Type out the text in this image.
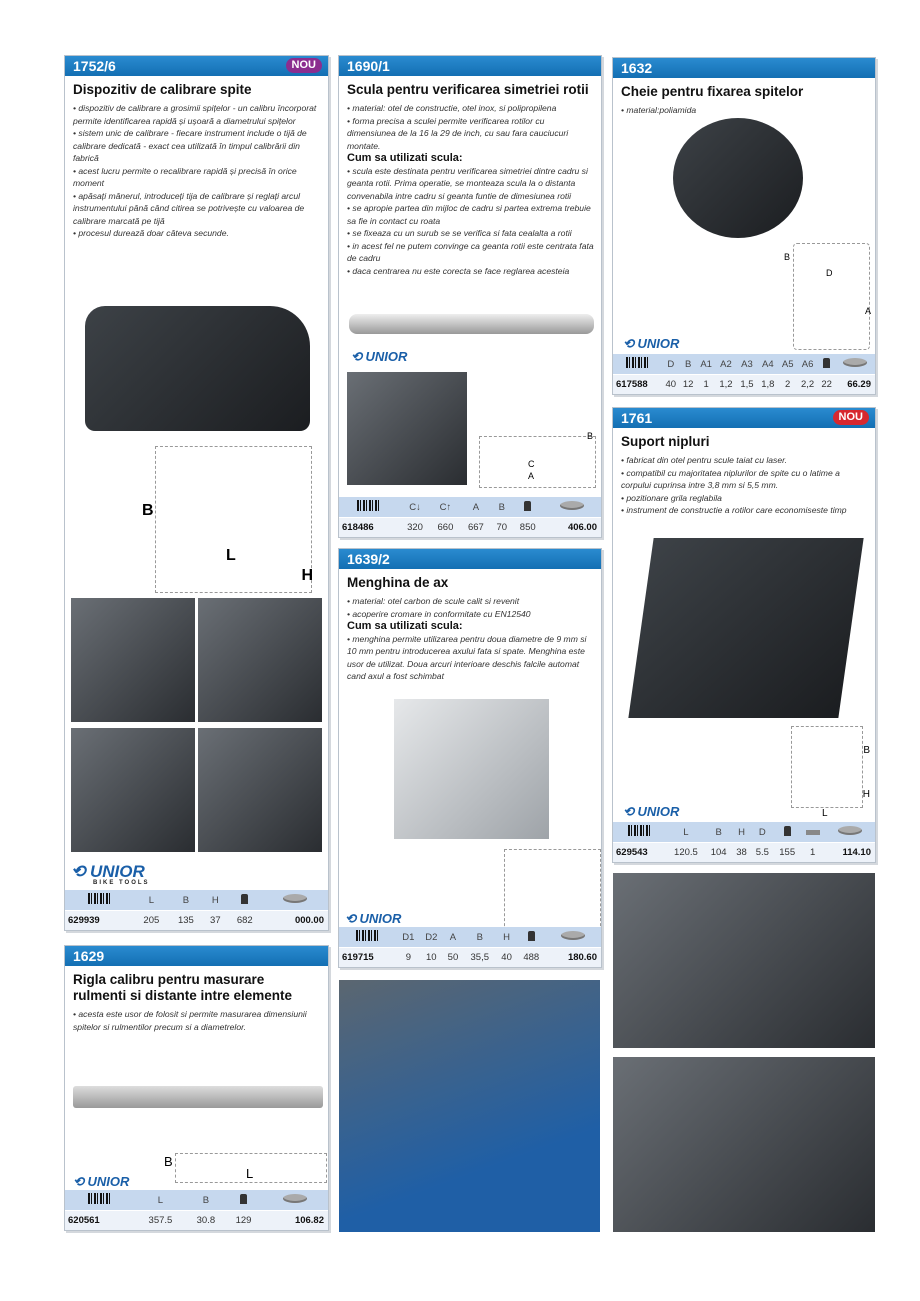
1752/6	NOU
Dispozitiv de calibrare spite

• dispozitiv de calibrare a grosimii spițelor - un calibru încorporat permite identificarea rapidă și ușoară a diametrului spițelor

• sistem unic de calibrare - fiecare instrument include o tijă de calibrare dedicată - exact cea utilizată în timpul calibrării din fabrică

• acest lucru permite o recalibrare rapidă și precisă în orice moment

• apăsați mânerul, introduceți tija de calibrare și reglați arcul instrumentului până când citirea se potrivește cu valoarea de calibrare marcată pe tijă

• procesul durează doar câteva secunde.

B
L
H
⟲ UNIOR
BIKE TOOLS
	L	B	H		
629939	205	135	37	682	000.00
1629
Rigla calibru pentru masurare rulmenti si distante intre elemente

• acesta este usor de folosit si permite masurarea dimensiunii spitelor si rulmentilor precum si a diametrelor.

B
L
⟲ UNIOR
	L	B		
620561	357.5	30.8	129	106.82
1690/1
Scula pentru verificarea simetriei rotii

• material: otel de constructie, otel inox, si polipropilena

• forma precisa a sculei permite verificarea rotilor cu dimensiunea de la 16 la 29 de inch, cu sau fara cauciucuri montate.

Cum sa utilizati scula:

• scula este destinata pentru verificarea simetriei dintre cadru si geanta rotii. Prima operatie, se monteaza scula la o distanta convenabila intre cadru si geanta funtie de dimesiunea rotii

• se apropie partea din mijloc de cadru si partea extrema trebuie sa fie in contact cu roata

• se fixeaza cu un surub se se verifica si fata cealalta a rotii

• in acest fel ne putem convinge ca geanta rotii este centrata fata de cadru

• daca centrarea nu este corecta se face reglarea acesteia

⟲ UNIOR
C
A
B
	C↓	C↑	A	B		
618486	320	660	667	70	850	406.00
1639/2
Menghina de ax

• material: otel carbon de scule calit si revenit

• acoperire cromare in conformitate cu EN12540

Cum sa utilizati scula:

• menghina permite utilizarea pentru doua diametre de 9 mm si 10 mm pentru introducerea axului fata si spate. Menghina este usor de utilizat. Doua arcuri interioare deschis falcile automat cand axul a fost schimbat

⟲ UNIOR
	D1	D2	A	B	H		
619715	9	10	50	35,5	40	488	180.60
1632
Cheie pentru fixarea spitelor

• material:poliamida

B
D
A
⟲ UNIOR
	D	B	A1	A2	A3	A4	A5	A6		
617588	40	12	1	1,2	1,5	1,8	2	2,2	22	66.29
1761	NOU
Suport nipluri

• fabricat din otel pentru scule taiat cu laser.

• compatibil cu majoritatea niplurilor de spite cu o latime a corpului cuprinsa intre 3,8 mm si 5,5 mm.

• pozitionare grila reglabila

• instrument de constructie a rotilor care economiseste timp

B
H
L
⟲ UNIOR
	L	B	H	D			
629543	120.5	104	38	5.5	155	1	114.10
